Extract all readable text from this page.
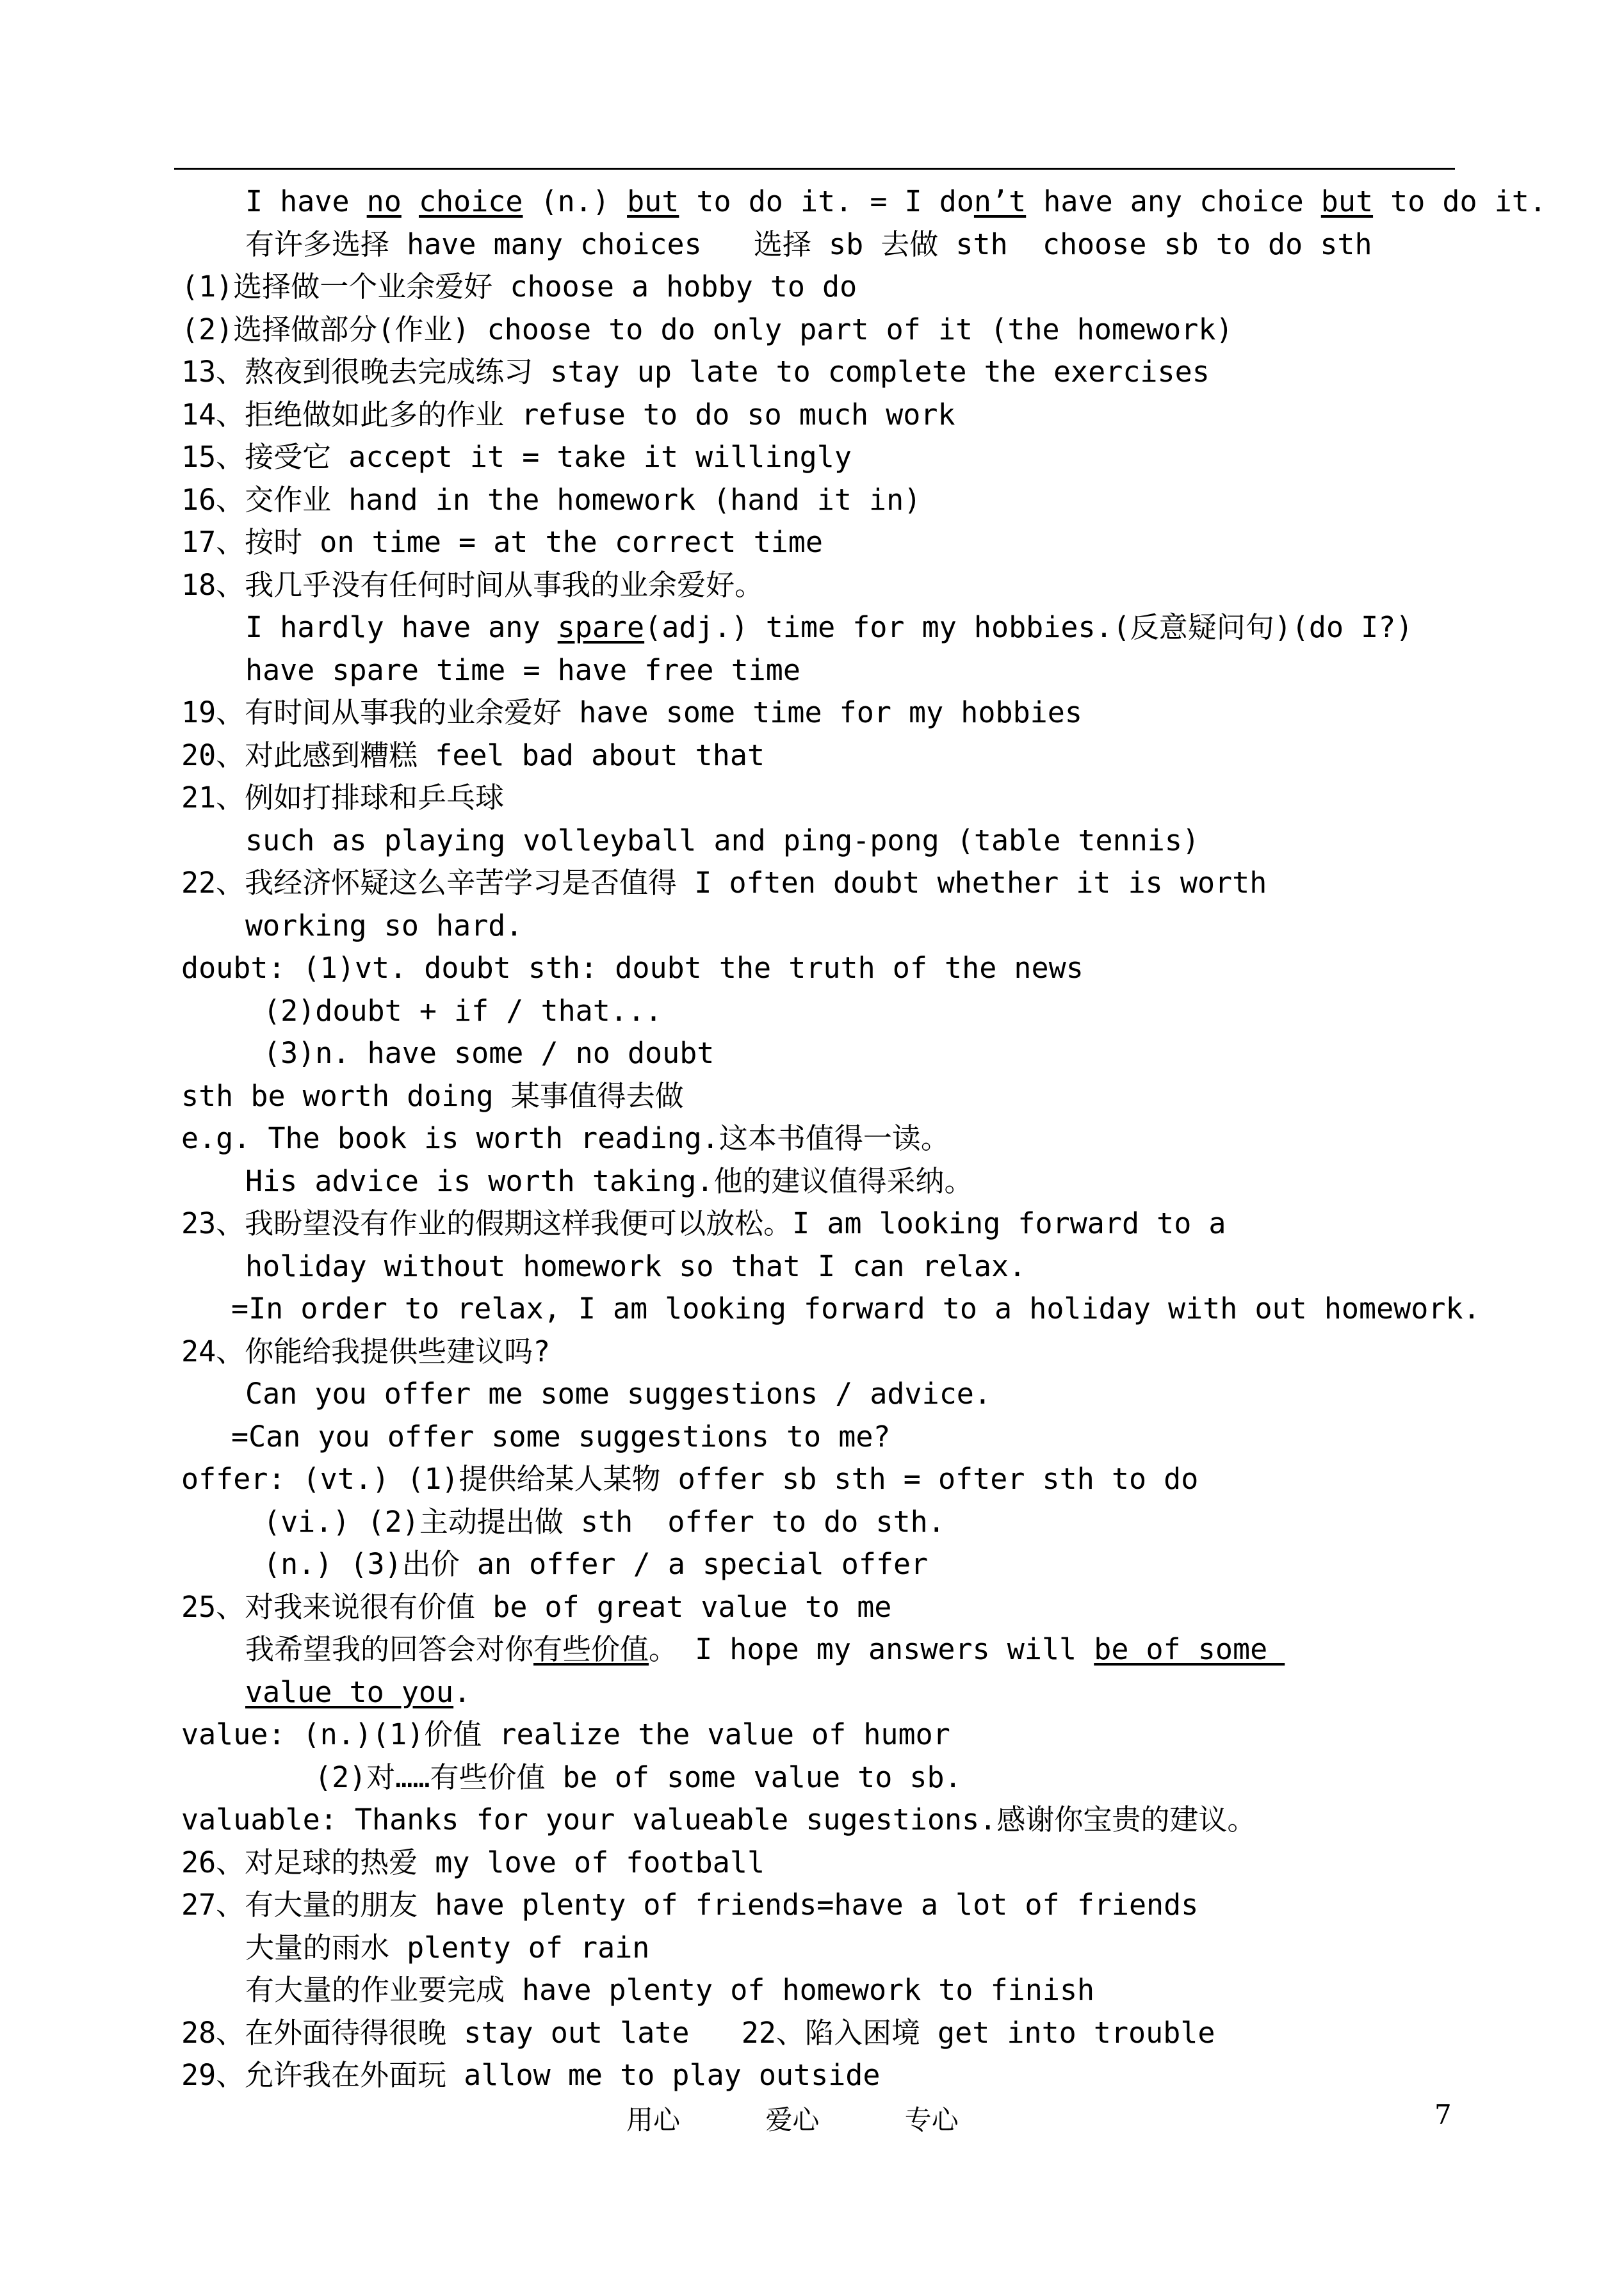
I have no choice (n.) but to do it. = I don’t have any choice but to do it.
有许多选择 have many choices   选择 sb 去做 sth  choose sb to do sth
(1)选择做一个业余爱好 choose a hobby to do
(2)选择做部分(作业) choose to do only part of it (the homework)
13、熬夜到很晚去完成练习 stay up late to complete the exercises
14、拒绝做如此多的作业 refuse to do so much work
15、接受它 accept it = take it willingly
16、交作业 hand in the homework (hand it in)
17、按时 on time = at the correct time
18、我几乎没有任何时间从事我的业余爱好。
I hardly have any spare(adj.) time for my hobbies.(反意疑问句)(do I?)
have spare time = have free time
19、有时间从事我的业余爱好 have some time for my hobbies
20、对此感到糟糕 feel bad about that
21、例如打排球和乒乓球
such as playing volleyball and ping-pong (table tennis)
22、我经济怀疑这么辛苦学习是否值得 I often doubt whether it is worth
working so hard.
doubt: (1)vt. doubt sth: doubt the truth of the news
(2)doubt + if / that...
(3)n. have some / no doubt
sth be worth doing 某事值得去做
e.g. The book is worth reading.这本书值得一读。
His advice is worth taking.他的建议值得采纳。
23、我盼望没有作业的假期这样我便可以放松。I am looking forward to a
holiday without homework so that I can relax.
=In order to relax, I am looking forward to a holiday with out homework.
24、你能给我提供些建议吗?
Can you offer me some suggestions / advice.
=Can you offer some suggestions to me?
offer: (vt.) (1)提供给某人某物 offer sb sth = ofter sth to do
(vi.) (2)主动提出做 sth  offer to do sth.
(n.) (3)出价 an offer / a special offer
25、对我来说很有价值 be of great value to me
我希望我的回答会对你有些价值。 I hope my answers will be of some
value to you.
value: (n.)(1)价值 realize the value of humor
(2)对……有些价值 be of some value to sb.
valuable: Thanks for your valueable sugestions.感谢你宝贵的建议。
26、对足球的热爱 my love of football
27、有大量的朋友 have plenty of friends=have a lot of friends
大量的雨水 plenty of rain
有大量的作业要完成 have plenty of homework to finish
28、在外面待得很晚 stay out late   22、陷入困境 get into trouble
29、允许我在外面玩 allow me to play outside
用心	爱心	专心	7
